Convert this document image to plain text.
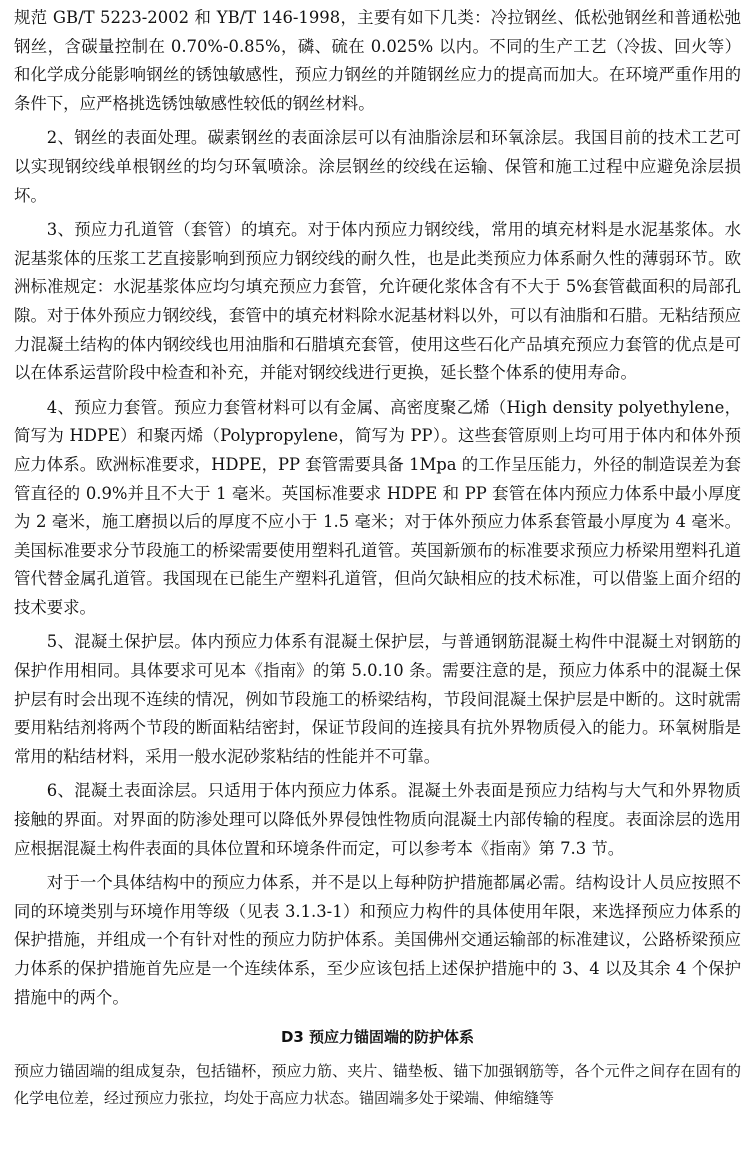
规范 GB/T 5223-2002 和 YB/T 146-1998，主要有如下几类：冷拉钢丝、低松弛钢丝和普通松弛钢丝，含碳量控制在 0.70%-0.85%，磷、硫在 0.025% 以内。不同的生产工艺（冷拔、回火等）和化学成分能影响钢丝的锈蚀敏感性，预应力钢丝的并随钢丝应力的提高而加大。在环境严重作用的条件下，应严格挑选锈蚀敏感性较低的钢丝材料。

2、钢丝的表面处理。碳素钢丝的表面涂层可以有油脂涂层和环氧涂层。我国目前的技术工艺可以实现钢绞线单根钢丝的均匀环氧喷涂。涂层钢丝的绞线在运输、保管和施工过程中应避免涂层损坏。

3、预应力孔道管（套管）的填充。对于体内预应力钢绞线，常用的填充材料是水泥基浆体。水泥基浆体的压浆工艺直接影响到预应力钢绞线的耐久性，也是此类预应力体系耐久性的薄弱环节。欧洲标准规定：水泥基浆体应均匀填充预应力套管，允许硬化浆体含有不大于 5%套管截面积的局部孔隙。对于体外预应力钢绞线，套管中的填充材料除水泥基材料以外，可以有油脂和石腊。无粘结预应力混凝土结构的体内钢绞线也用油脂和石腊填充套管，使用这些石化产品填充预应力套管的优点是可以在体系运营阶段中检查和补充，并能对钢绞线进行更换，延长整个体系的使用寿命。

4、预应力套管。预应力套管材料可以有金属、高密度聚乙烯（High density polyethylene，简写为 HDPE）和聚丙烯（Polypropylene，简写为 PP）。这些套管原则上均可用于体内和体外预应力体系。欧洲标准要求，HDPE，PP 套管需要具备 1Mpa 的工作呈压能力，外径的制造误差为套管直径的 0.9%并且不大于 1 毫米。英国标准要求 HDPE 和 PP 套管在体内预应力体系中最小厚度为 2 毫米，施工磨损以后的厚度不应小于 1.5 毫米；对于体外预应力体系套管最小厚度为 4 毫米。美国标准要求分节段施工的桥梁需要使用塑料孔道管。英国新颁布的标准要求预应力桥梁用塑料孔道管代替金属孔道管。我国现在已能生产塑料孔道管，但尚欠缺相应的技术标准，可以借鉴上面介绍的技术要求。

5、混凝土保护层。体内预应力体系有混凝土保护层，与普通钢筋混凝土构件中混凝土对钢筋的保护作用相同。具体要求可见本《指南》的第 5.0.10 条。需要注意的是，预应力体系中的混凝土保护层有时会出现不连续的情况，例如节段施工的桥梁结构，节段间混凝土保护层是中断的。这时就需要用粘结剂将两个节段的断面粘结密封，保证节段间的连接具有抗外界物质侵入的能力。环氧树脂是常用的粘结材料，采用一般水泥砂浆粘结的性能并不可靠。

6、混凝土表面涂层。只适用于体内预应力体系。混凝土外表面是预应力结构与大气和外界物质接触的界面。对界面的防渗处理可以降低外界侵蚀性物质向混凝土内部传输的程度。表面涂层的选用应根据混凝土构件表面的具体位置和环境条件而定，可以参考本《指南》第 7.3 节。

对于一个具体结构中的预应力体系，并不是以上每种防护措施都属必需。结构设计人员应按照不同的环境类别与环境作用等级（见表 3.1.3-1）和预应力构件的具体使用年限，来选择预应力体系的保护措施，并组成一个有针对性的预应力防护体系。美国佛州交通运输部的标准建议，公路桥梁预应力体系的保护措施首先应是一个连续体系，至少应该包括上述保护措施中的 3、4 以及其余 4 个保护措施中的两个。

D3 预应力锚固端的防护体系

预应力锚固端的组成复杂，包括锚杯，预应力筋、夹片、锚垫板、锚下加强钢筋等，各个元件之间存在固有的化学电位差，经过预应力张拉，均处于高应力状态。锚固端多处于梁端、伸缩缝等
